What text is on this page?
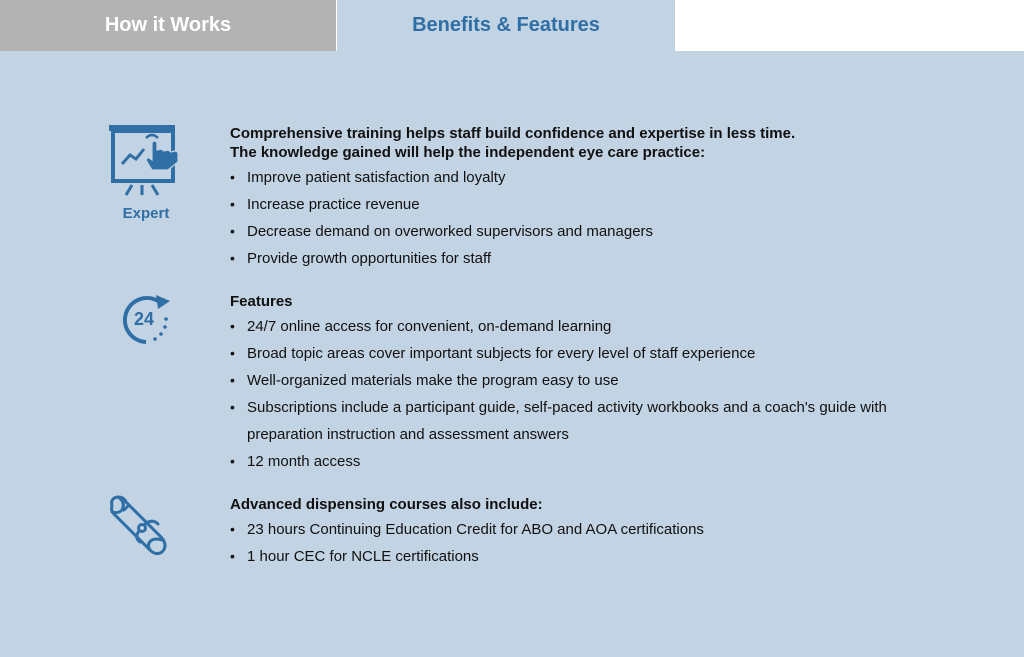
How it Works	Benefits & Features
Expert
24

Comprehensive training helps staff build confidence and expertise in less time.

The knowledge gained will help the independent eye care practice:

• Improve patient satisfaction and loyalty
• Increase practice revenue
• Decrease demand on overworked supervisors and managers
• Provide growth opportunities for staff

Features

• 24/7 online access for convenient, on-demand learning
• Broad topic areas cover important subjects for every level of staff experience
• Well-organized materials make the program easy to use
• Subscriptions include a participant guide, self-paced activity workbooks and a coach's guide with
preparation instruction and assessment answers
• 12 month access

Advanced dispensing courses also include:

• 23 hours Continuing Education Credit for ABO and AOA certifications
• 1 hour CEC for NCLE certifications
